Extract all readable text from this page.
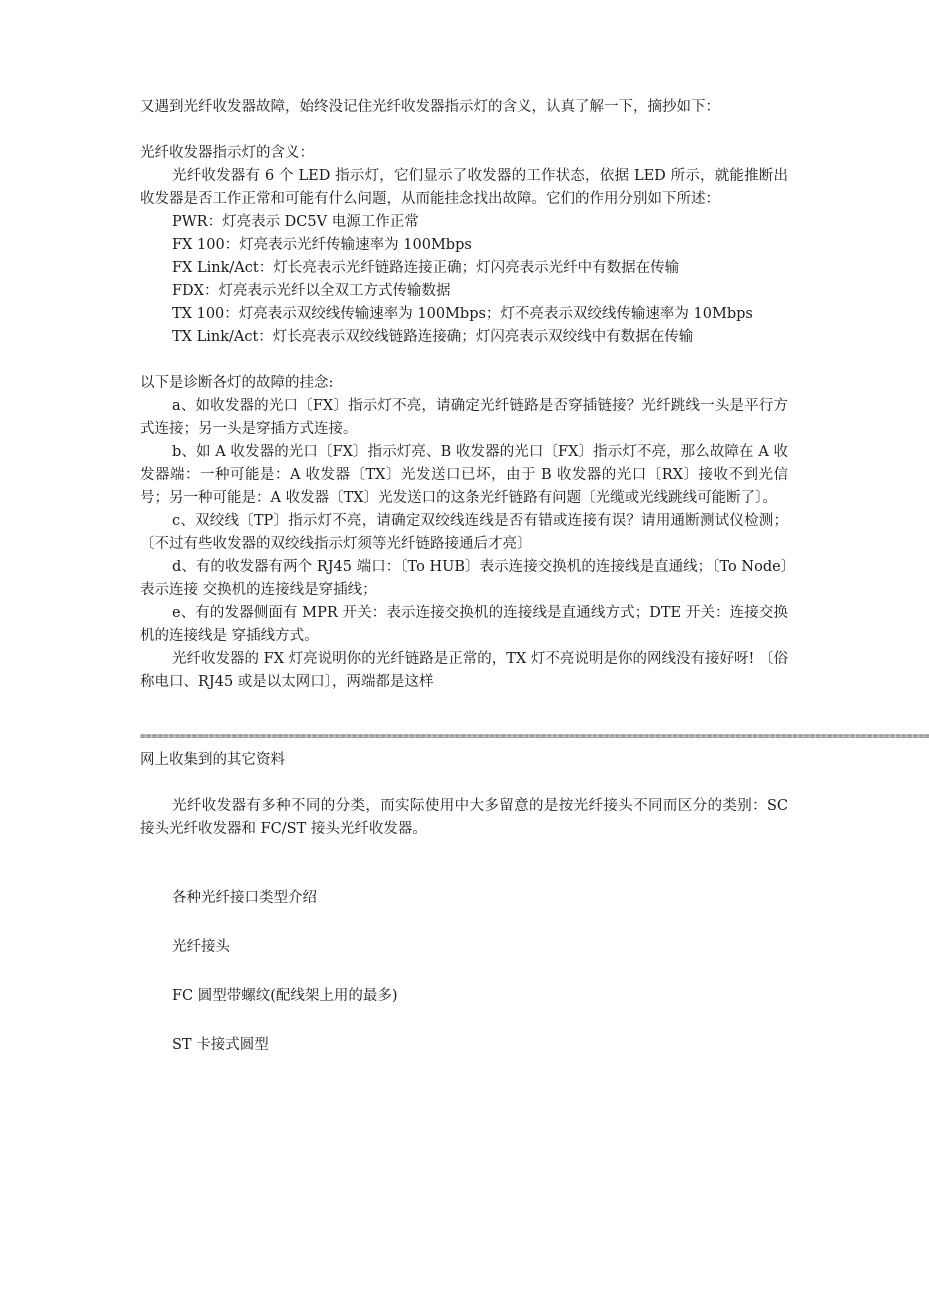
又遇到光纤收发器故障，始终没记住光纤收发器指示灯的含义，认真了解一下，摘抄如下：

光纤收发器指示灯的含义：

光纤收发器有 6 个 LED 指示灯，它们显示了收发器的工作状态，依据 LED 所示，就能推断出收发器是否工作正常和可能有什么问题，从而能挂念找出故障。它们的作用分别如下所述：

PWR：灯亮表示 DC5V 电源工作正常

FX 100：灯亮表示光纤传输速率为 100Mbps

FX Link/Act：灯长亮表示光纤链路连接正确；灯闪亮表示光纤中有数据在传输

FDX：灯亮表示光纤以全双工方式传输数据

TX 100：灯亮表示双绞线传输速率为 100Mbps；灯不亮表示双绞线传输速率为 10Mbps

TX Link/Act：灯长亮表示双绞线链路连接确；灯闪亮表示双绞线中有数据在传输

以下是诊断各灯的故障的挂念:

a、如收发器的光口〔FX〕指示灯不亮，请确定光纤链路是否穿插链接？光纤跳线一头是平行方式连接；另一头是穿插方式连接。

b、如 A 收发器的光口〔FX〕指示灯亮、B 收发器的光口〔FX〕指示灯不亮，那么故障在 A 收发器端：一种可能是：A 收发器〔TX〕光发送口已坏，由于 B 收发器的光口〔RX〕接收不到光信号；另一种可能是：A 收发器〔TX〕光发送口的这条光纤链路有问题〔光缆或光线跳线可能断了〕。

c、双绞线〔TP〕指示灯不亮，请确定双绞线连线是否有错或连接有误？请用通断测试仪检测；〔不过有些收发器的双绞线指示灯须等光纤链路接通后才亮〕

d、有的收发器有两个 RJ45 端口：〔To HUB〕表示连接交换机的连接线是直通线；〔To Node〕表示连接 交换机的连接线是穿插线；

e、有的发器侧面有 MPR 开关：表示连接交换机的连接线是直通线方式；DTE 开关：连接交换机的连接线是 穿插线方式。

光纤收发器的 FX 灯亮说明你的光纤链路是正常的，TX 灯不亮说明是你的网线没有接好呀! 〔俗称电口、RJ45 或是以太网口〕，两端都是这样

==========================================================================================================================================

网上收集到的其它资料

光纤收发器有多种不同的分类，而实际使用中大多留意的是按光纤接头不同而区分的类别：SC 接头光纤收发器和 FC/ST 接头光纤收发器。

各种光纤接口类型介绍

光纤接头

FC 圆型带螺纹(配线架上用的最多)

ST 卡接式圆型
